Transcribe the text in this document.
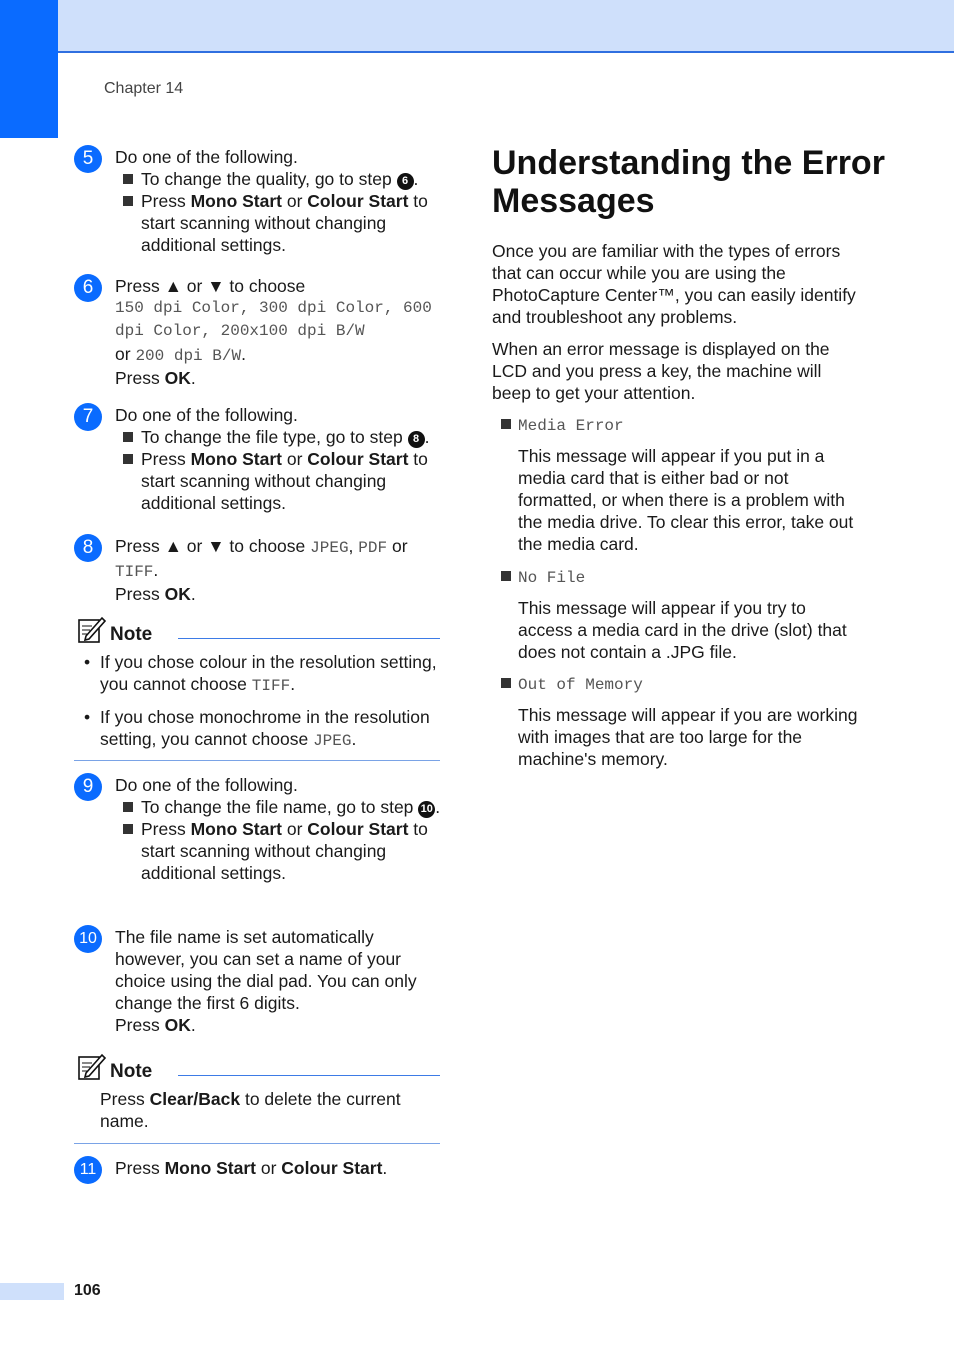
Chapter 14
5	Do one of the following.
To change the quality, go to step 6 .
Press Mono Start or Colour Start to start scanning without changing additional settings.
6	Press ▲ or ▼ to choose
150 dpi Color, 300 dpi Color, 600 dpi Color, 200x100 dpi B/W
or 200 dpi B/W.
Press OK.
7	Do one of the following.
To change the file type, go to step 8 .
Press Mono Start or Colour Start to start scanning without changing additional settings.
8	Press ▲ or ▼ to choose JPEG, PDF or
TIFF.
Press OK.
Note
• If you chose colour in the resolution setting, you cannot choose TIFF.
• If you chose monochrome in the resolution setting, you cannot choose JPEG.
9	Do one of the following.
To change the file name, go to step 10 .
Press Mono Start or Colour Start to start scanning without changing additional settings.
10 The file name is set automatically however, you can set a name of your choice using the dial pad. You can only change the first 6 digits.
Press OK.
Note
Press Clear/Back to delete the current name.
11	Press Mono Start or Colour Start.
Understanding the Error Messages
Once you are familiar with the types of errors that can occur while you are using the PhotoCapture Center™, you can easily identify and troubleshoot any problems.
When an error message is displayed on the LCD and you press a key, the machine will beep to get your attention.
Media Error
This message will appear if you put in a media card that is either bad or not formatted, or when there is a problem with the media drive. To clear this error, take out the media card.
No File
This message will appear if you try to access a media card in the drive (slot) that does not contain a .JPG file.
Out of Memory
This message will appear if you are working with images that are too large for the machine's memory.
106
